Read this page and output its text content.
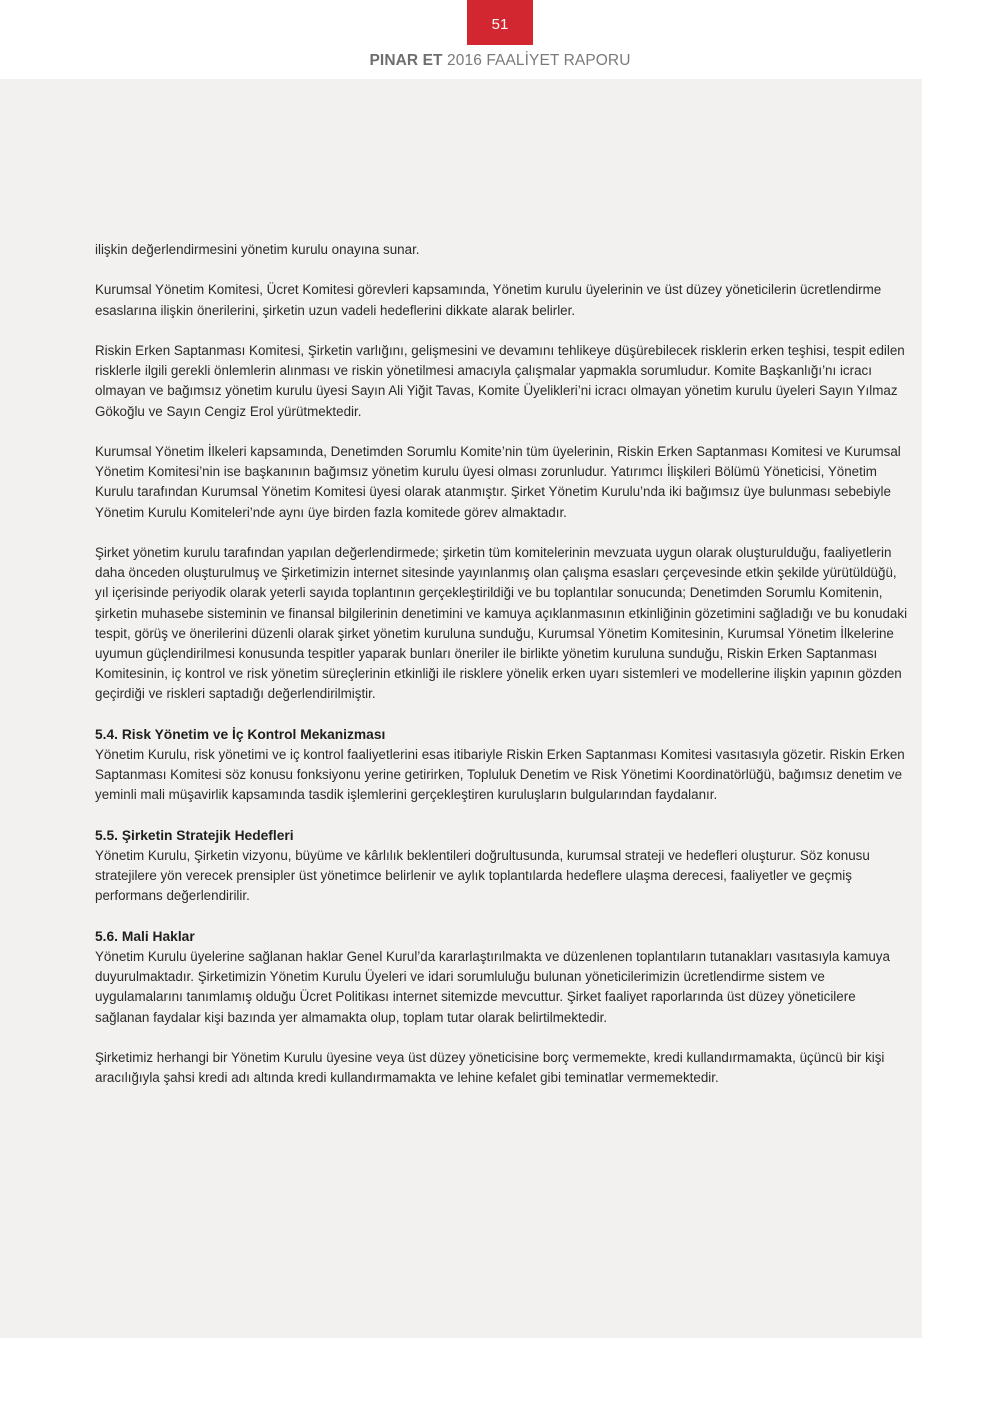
51
PINAR ET 2016 FAALİYET RAPORU

ilişkin değerlendirmesini yönetim kurulu onayına sunar.

Kurumsal Yönetim Komitesi, Ücret Komitesi görevleri kapsamında, Yönetim kurulu üyelerinin ve üst düzey yöneticilerin ücretlendirme esaslarına ilişkin önerilerini, şirketin uzun vadeli hedeflerini dikkate alarak belirler.

Riskin Erken Saptanması Komitesi, Şirketin varlığını, gelişmesini ve devamını tehlikeye düşürebilecek risklerin erken teşhisi, tespit edilen risklerle ilgili gerekli önlemlerin alınması ve riskin yönetilmesi amacıyla çalışmalar yapmakla sorumludur. Komite Başkanlığı’nı icracı olmayan ve bağımsız yönetim kurulu üyesi Sayın Ali Yiğit Tavas, Komite Üyelikleri’ni icracı olmayan yönetim kurulu üyeleri Sayın Yılmaz Gökoğlu ve Sayın Cengiz Erol yürütmektedir.

Kurumsal Yönetim İlkeleri kapsamında, Denetimden Sorumlu Komite’nin tüm üyelerinin, Riskin Erken Saptanması Komitesi ve Kurumsal Yönetim Komitesi’nin ise başkanının bağımsız yönetim kurulu üyesi olması zorunludur. Yatırımcı İlişkileri Bölümü Yöneticisi, Yönetim Kurulu tarafından Kurumsal Yönetim Komitesi üyesi olarak atanmıştır. Şirket Yönetim Kurulu’nda iki bağımsız üye bulunması sebebiyle Yönetim Kurulu Komiteleri’nde aynı üye birden fazla komitede görev almaktadır.

Şirket yönetim kurulu tarafından yapılan değerlendirmede; şirketin tüm komitelerinin mevzuata uygun olarak oluşturulduğu, faaliyetlerin daha önceden oluşturulmuş ve Şirketimizin internet sitesinde yayınlanmış olan çalışma esasları çerçevesinde etkin şekilde yürütüldüğü, yıl içerisinde periyodik olarak yeterli sayıda toplantının gerçekleştirildiği ve bu toplantılar sonucunda; Denetimden Sorumlu Komitenin, şirketin muhasebe sisteminin ve finansal bilgilerinin denetimini ve kamuya açıklanmasının etkinliğinin gözetimini sağladığı ve bu konudaki tespit, görüş ve önerilerini düzenli olarak şirket yönetim kuruluna sunduğu, Kurumsal Yönetim Komitesinin, Kurumsal Yönetim İlkelerine uyumun güçlendirilmesi konusunda tespitler yaparak bunları öneriler ile birlikte yönetim kuruluna sunduğu, Riskin Erken Saptanması Komitesinin, iç kontrol ve risk yönetim süreçlerinin etkinliği ile risklere yönelik erken uyarı sistemleri ve modellerine ilişkin yapının gözden geçirdiği ve riskleri saptadığı değerlendirilmiştir.

5.4. Risk Yönetim ve İç Kontrol Mekanizması

Yönetim Kurulu, risk yönetimi ve iç kontrol faaliyetlerini esas itibariyle Riskin Erken Saptanması Komitesi vasıtasıyla gözetir. Riskin Erken Saptanması Komitesi söz konusu fonksiyonu yerine getirirken, Topluluk Denetim ve Risk Yönetimi Koordinatörlüğü, bağımsız denetim ve yeminli mali müşavirlik kapsamında tasdik işlemlerini gerçekleştiren kuruluşların bulgularından faydalanır.

5.5. Şirketin Stratejik Hedefleri

Yönetim Kurulu, Şirketin vizyonu, büyüme ve kârlılık beklentileri doğrultusunda, kurumsal strateji ve hedefleri oluşturur. Söz konusu stratejilere yön verecek prensipler üst yönetimce belirlenir ve aylık toplantılarda hedeflere ulaşma derecesi, faaliyetler ve geçmiş performans değerlendirilir.

5.6. Mali Haklar

Yönetim Kurulu üyelerine sağlanan haklar Genel Kurul’da kararlaştırılmakta ve düzenlenen toplantıların tutanakları vasıtasıyla kamuya duyurulmaktadır. Şirketimizin Yönetim Kurulu Üyeleri ve idari sorumluluğu bulunan yöneticilerimizin ücretlendirme sistem ve uygulamalarını tanımlamış olduğu Ücret Politikası internet sitemizde mevcuttur. Şirket faaliyet raporlarında üst düzey yöneticilere sağlanan faydalar kişi bazında yer almamakta olup, toplam tutar olarak belirtilmektedir.

Şirketimiz herhangi bir Yönetim Kurulu üyesine veya üst düzey yöneticisine borç vermemekte, kredi kullandırmamakta, üçüncü bir kişi aracılığıyla şahsi kredi adı altında kredi kullandırmamakta ve lehine kefalet gibi teminatlar vermemektedir.
